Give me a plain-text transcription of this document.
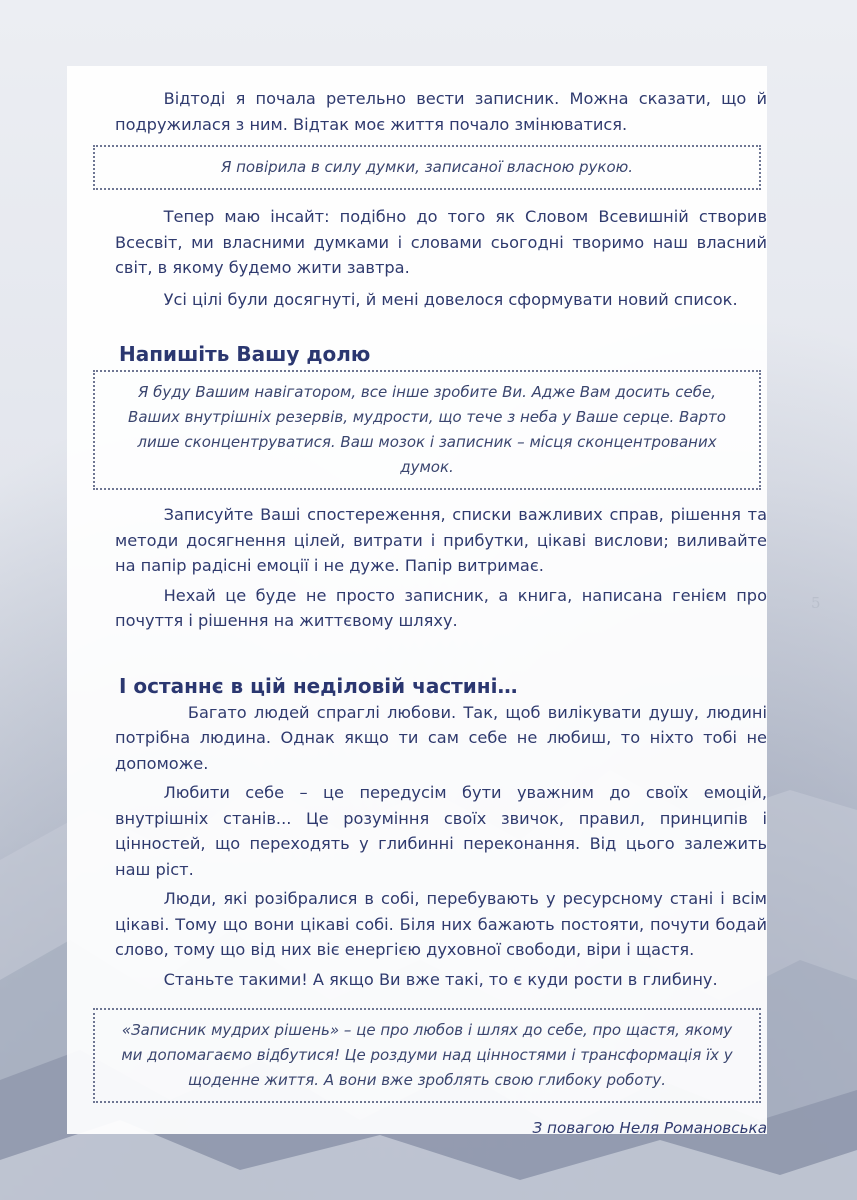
5

Відтоді я почала ретельно вести записник. Можна сказати, що й подружилася з ним. Відтак моє життя почало змінюватися.

Я повірила в силу думки, записаної власною рукою.

Тепер маю інсайт: подібно до того як Словом Всевишній створив Всесвіт, ми власними думками і словами сьогодні творимо наш власний світ, в якому будемо жити завтра.

Усі цілі були досягнуті, й мені довелося сформувати новий список.

Напишіть Вашу долю
Я буду Вашим навігатором, все інше зробите Ви. Адже Вам досить себе, Ваших внутрішніх резервів, мудрости, що тече з неба у Ваше серце. Варто лише сконцентруватися. Ваш мозок і записник – місця сконцентрованих думок.

Записуйте Ваші спостереження, списки важливих справ, рішення та методи досягнення цілей, витрати і прибутки, цікаві вислови; виливайте на папір радісні емоції і не дуже. Папір витримає.

Нехай це буде не просто записник, а книга, написана генієм про почуття і рішення на життєвому шляху.

І останнє в цій неділовій частині…

Багато людей спраглі любови. Так, щоб вилікувати душу, людині потрібна людина. Однак якщо ти сам себе не любиш, то ніхто тобі не допоможе.

Любити себе – це передусім бути уважним до своїх емоцій, внутрішніх станів... Це розуміння своїх звичок, правил, принципів і цінностей, що переходять у глибинні переконання. Від цього залежить наш ріст.

Люди, які розібралися в собі, перебувають у ресурсному стані і всім цікаві. Тому що вони цікаві собі. Біля них бажають постояти, почути бодай слово, тому що від них віє енергією духовної свободи, віри і щастя.

Станьте такими! А якщо Ви вже такі, то є куди рости в глибину.

«Записник мудрих рішень» – це про любов і шлях до себе, про щастя, якому ми допомагаємо відбутися! Це роздуми над цінностями і трансформація їх у щоденне життя. А вони вже зроблять свою глибоку роботу.

З повагою Неля Романовська
